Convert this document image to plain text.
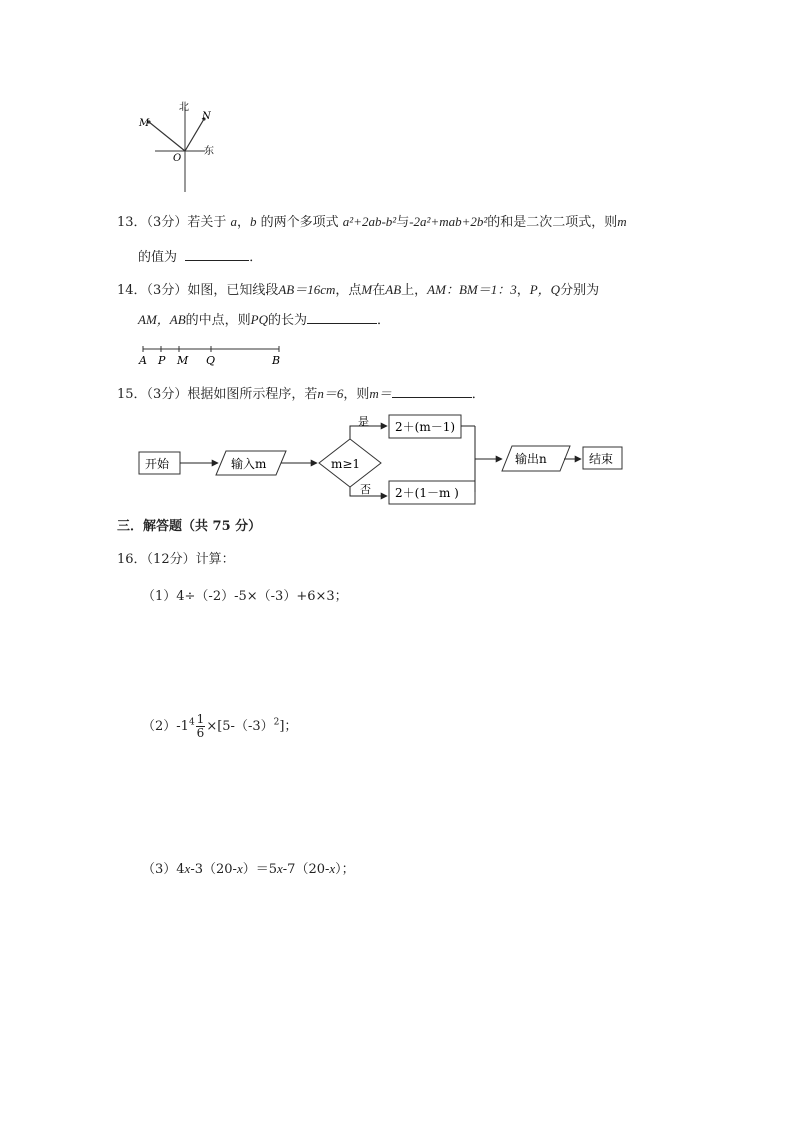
北
东
O
M
N
13．（3分）若关于 a，b 的两个多项式 a²+2ab-b²与-2a²+mab+2b²的和是二次二项式，则m
的值为	．
14．（3分）如图，已知线段AB＝16cm，点M在AB上，AM：BM＝1：3，P，Q分别为
AM，AB的中点，则PQ的长为	．
A P M Q	B
15．（3分）根据如图所示程序，若n＝6，则m＝	．
开始	输入m	m≥1
是 2＋(m－1)
否 2＋(1－m )
输出n	结束
三．解答题（共 75 分）
16．（12分）计算：
（1）4÷（-2）-5×（-3）+6×3；
$(2)-1^4 \frac{1}{6} \times[5-(-3)^2]$；
（3）4x-3（20-x）＝5x-7（20-x）；
